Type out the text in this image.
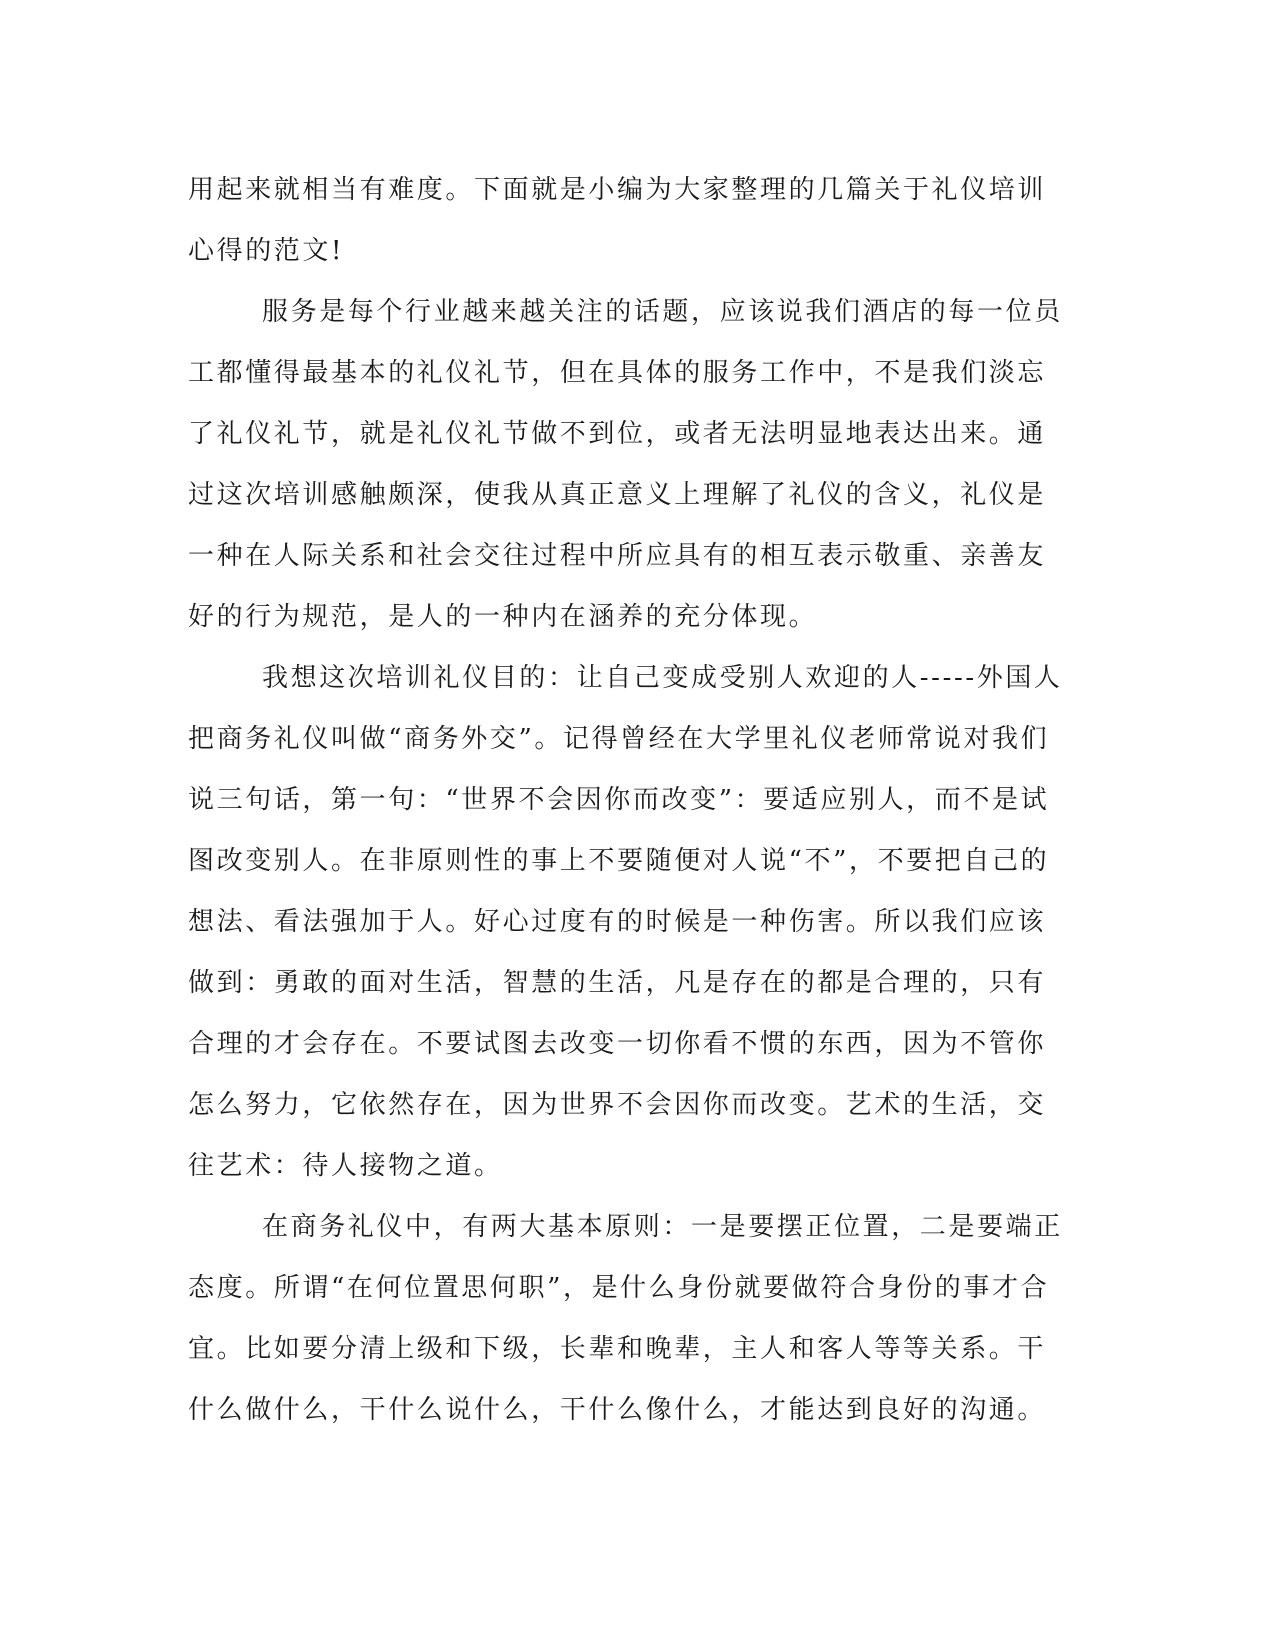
用起来就相当有难度。下面就是小编为大家整理的几篇关于礼仪培训
心得的范文!
服务是每个行业越来越关注的话题，应该说我们酒店的每一位员
工都懂得最基本的礼仪礼节，但在具体的服务工作中，不是我们淡忘
了礼仪礼节，就是礼仪礼节做不到位，或者无法明显地表达出来。通
过这次培训感触颇深，使我从真正意义上理解了礼仪的含义，礼仪是
一种在人际关系和社会交往过程中所应具有的相互表示敬重、亲善友
好的行为规范，是人的一种内在涵养的充分体现。
我想这次培训礼仪目的：让自己变成受别人欢迎的人-----外国人
把商务礼仪叫做“商务外交”。记得曾经在大学里礼仪老师常说对我们
说三句话，第一句：“世界不会因你而改变”：要适应别人，而不是试
图改变别人。在非原则性的事上不要随便对人说“不”，不要把自己的
想法、看法强加于人。好心过度有的时候是一种伤害。所以我们应该
做到：勇敢的面对生活，智慧的生活，凡是存在的都是合理的，只有
合理的才会存在。不要试图去改变一切你看不惯的东西，因为不管你
怎么努力，它依然存在，因为世界不会因你而改变。艺术的生活，交
往艺术：待人接物之道。
在商务礼仪中，有两大基本原则：一是要摆正位置，二是要端正
态度。所谓“在何位置思何职”，是什么身份就要做符合身份的事才合
宜。比如要分清上级和下级，长辈和晚辈，主人和客人等等关系。干
什么做什么，干什么说什么，干什么像什么，才能达到良好的沟通。
